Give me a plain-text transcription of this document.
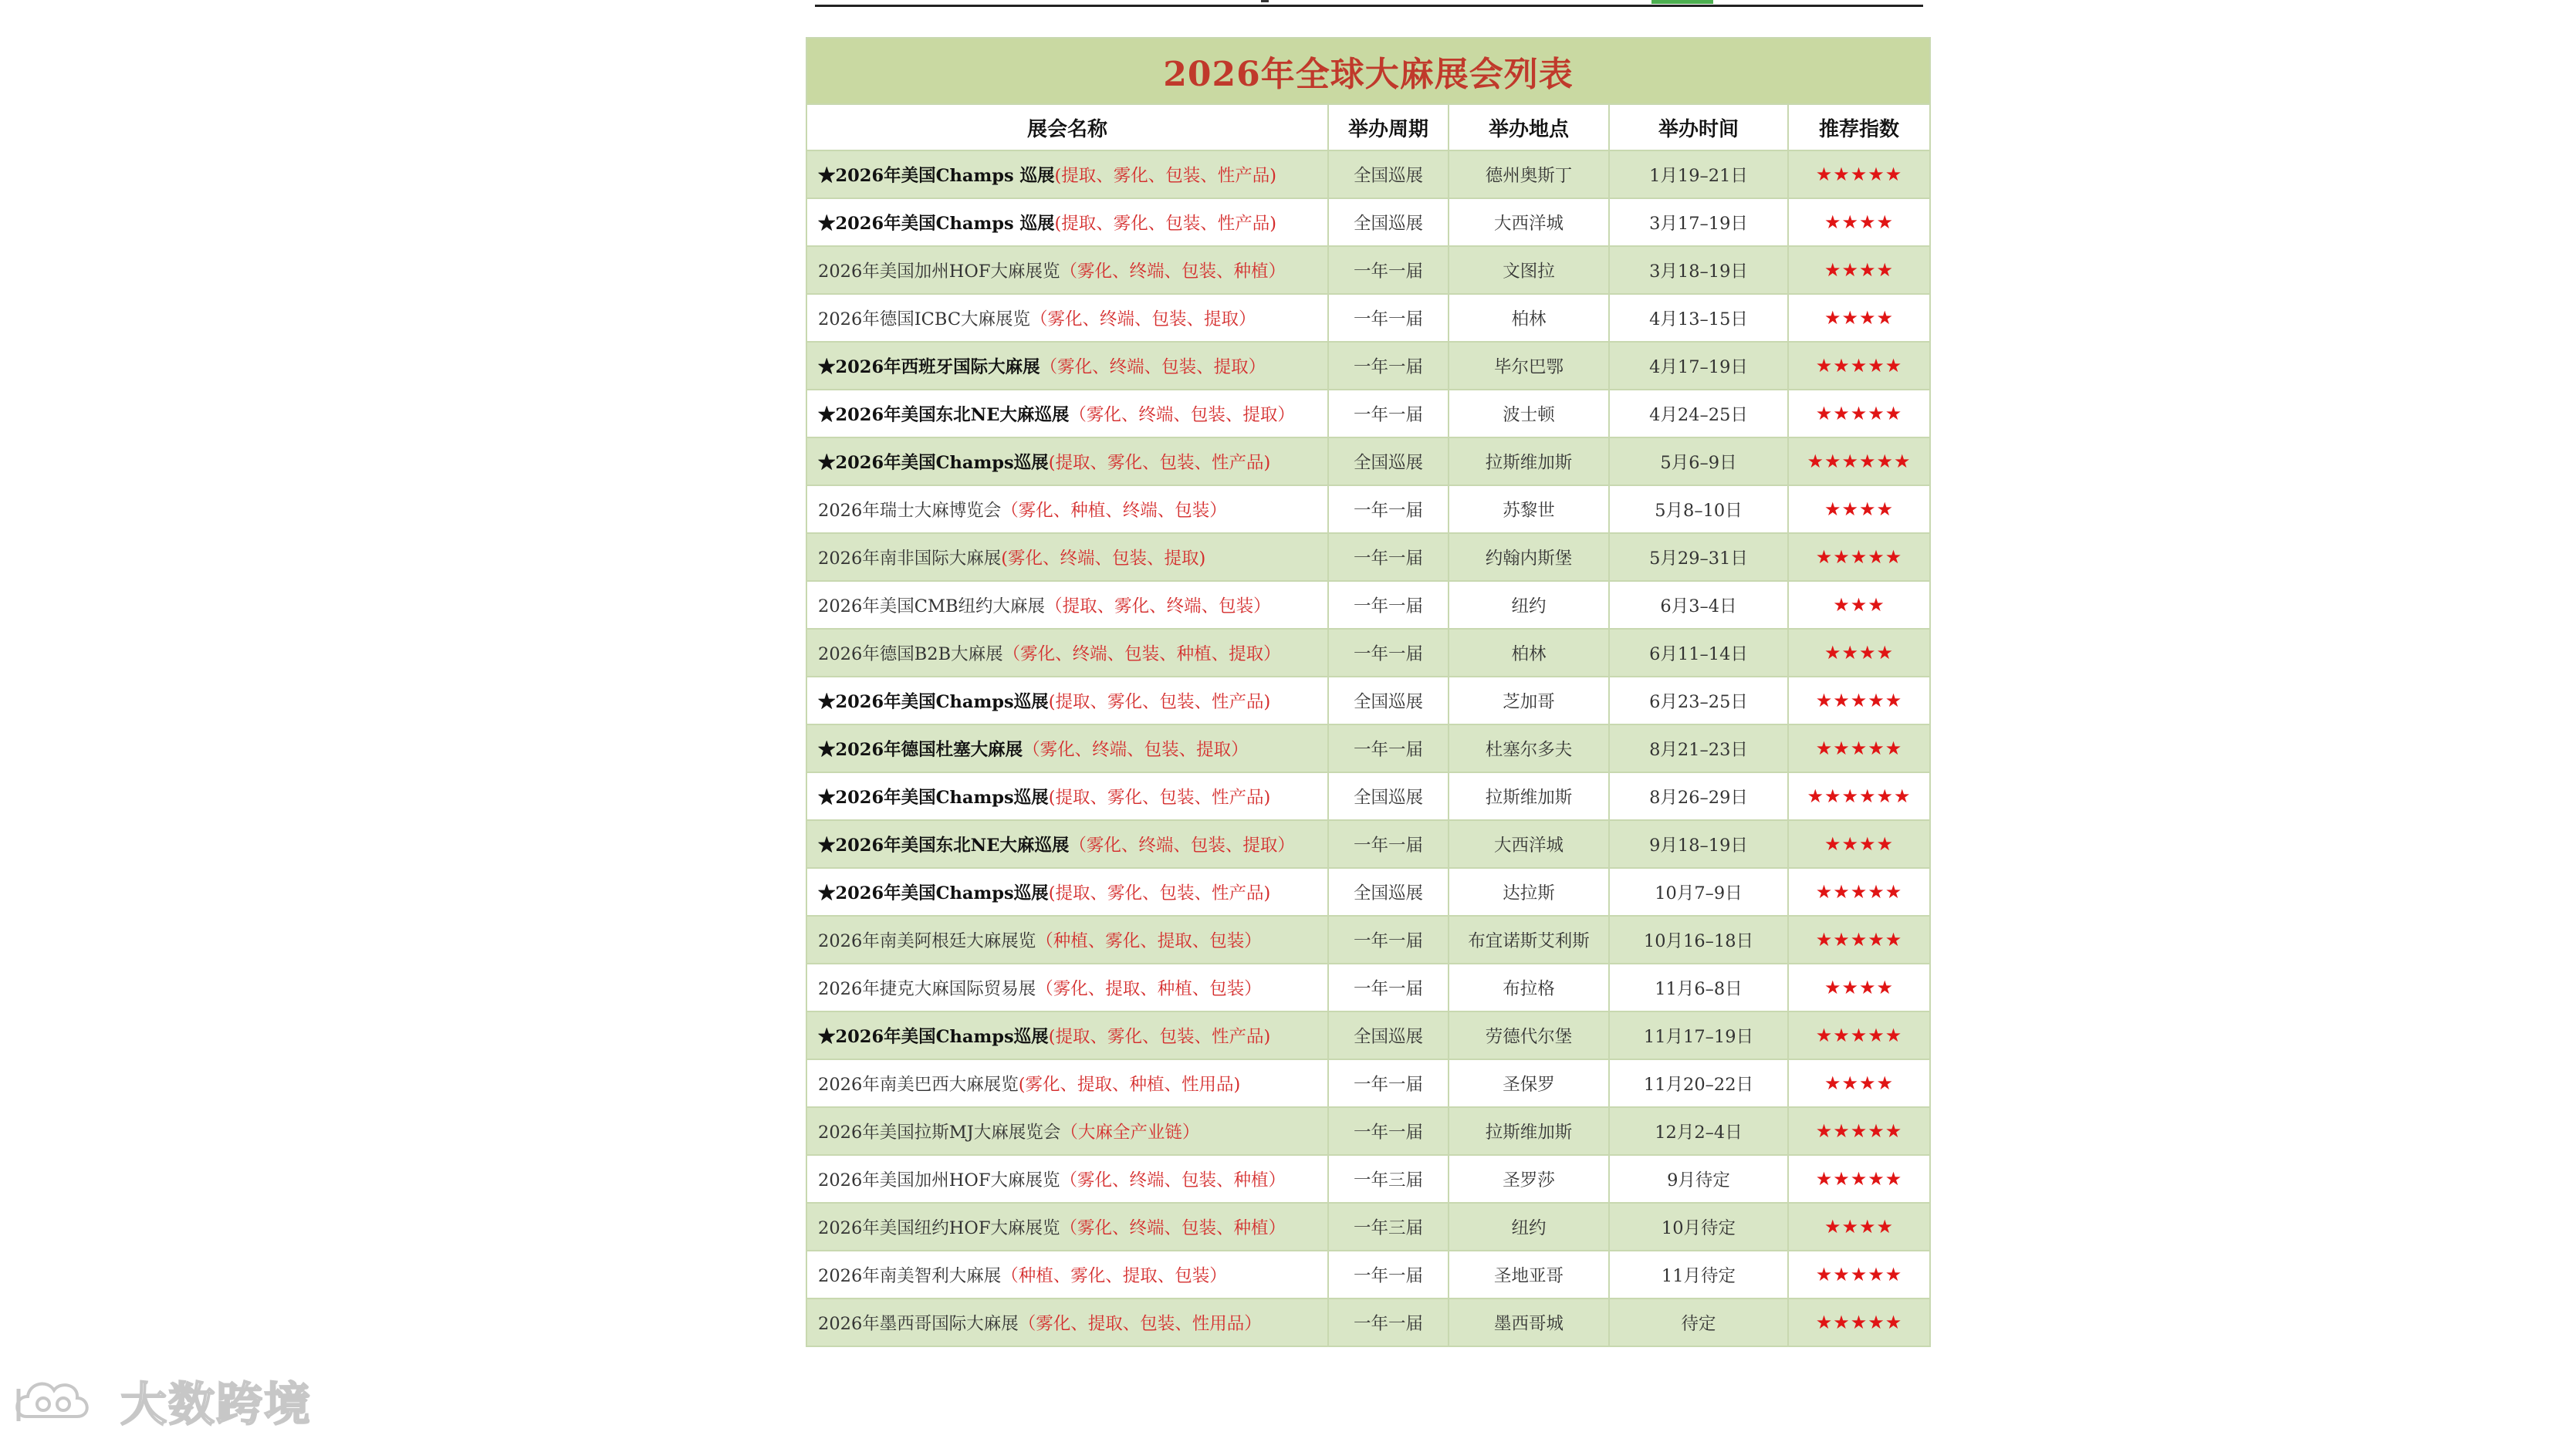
2026年全球大麻展会列表				
展会名称	举办周期	举办地点	举办时间	推荐指数
★2026年美国Champs 巡展(提取、雾化、包装、性产品)	全国巡展	德州奥斯丁	1月19–21日	★★★★★
★2026年美国Champs 巡展(提取、雾化、包装、性产品)	全国巡展	大西洋城	3月17–19日	★★★★
2026年美国加州HOF大麻展览（雾化、终端、包装、种植）	一年一届	文图拉	3月18–19日	★★★★
2026年德国ICBC大麻展览（雾化、终端、包装、提取）	一年一届	柏林	4月13–15日	★★★★
★2026年西班牙国际大麻展（雾化、终端、包装、提取）	一年一届	毕尔巴鄂	4月17–19日	★★★★★
★2026年美国东北NE大麻巡展（雾化、终端、包装、提取）	一年一届	波士顿	4月24–25日	★★★★★
★2026年美国Champs巡展(提取、雾化、包装、性产品)	全国巡展	拉斯维加斯	5月6–9日	★★★★★★
2026年瑞士大麻博览会（雾化、种植、终端、包装）	一年一届	苏黎世	5月8–10日	★★★★
2026年南非国际大麻展(雾化、终端、包装、提取)	一年一届	约翰内斯堡	5月29–31日	★★★★★
2026年美国CMB纽约大麻展（提取、雾化、终端、包装）	一年一届	纽约	6月3–4日	★★★
2026年德国B2B大麻展（雾化、终端、包装、种植、提取）	一年一届	柏林	6月11–14日	★★★★
★2026年美国Champs巡展(提取、雾化、包装、性产品)	全国巡展	芝加哥	6月23–25日	★★★★★
★2026年德国杜塞大麻展（雾化、终端、包装、提取）	一年一届	杜塞尔多夫	8月21–23日	★★★★★
★2026年美国Champs巡展(提取、雾化、包装、性产品)	全国巡展	拉斯维加斯	8月26–29日	★★★★★★
★2026年美国东北NE大麻巡展（雾化、终端、包装、提取）	一年一届	大西洋城	9月18–19日	★★★★
★2026年美国Champs巡展(提取、雾化、包装、性产品)	全国巡展	达拉斯	10月7–9日	★★★★★
2026年南美阿根廷大麻展览（种植、雾化、提取、包装）	一年一届	布宜诺斯艾利斯	10月16–18日	★★★★★
2026年捷克大麻国际贸易展（雾化、提取、种植、包装）	一年一届	布拉格	11月6–8日	★★★★
★2026年美国Champs巡展(提取、雾化、包装、性产品)	全国巡展	劳德代尔堡	11月17–19日	★★★★★
2026年南美巴西大麻展览(雾化、提取、种植、性用品)	一年一届	圣保罗	11月20–22日	★★★★
2026年美国拉斯MJ大麻展览会（大麻全产业链）	一年一届	拉斯维加斯	12月2–4日	★★★★★
2026年美国加州HOF大麻展览（雾化、终端、包装、种植）	一年三届	圣罗莎	9月待定	★★★★★
2026年美国纽约HOF大麻展览（雾化、终端、包装、种植）	一年三届	纽约	10月待定	★★★★
2026年南美智利大麻展（种植、雾化、提取、包装）	一年一届	圣地亚哥	11月待定	★★★★★
2026年墨西哥国际大麻展（雾化、提取、包装、性用品）	一年一届	墨西哥城	待定	★★★★★
大数跨境
